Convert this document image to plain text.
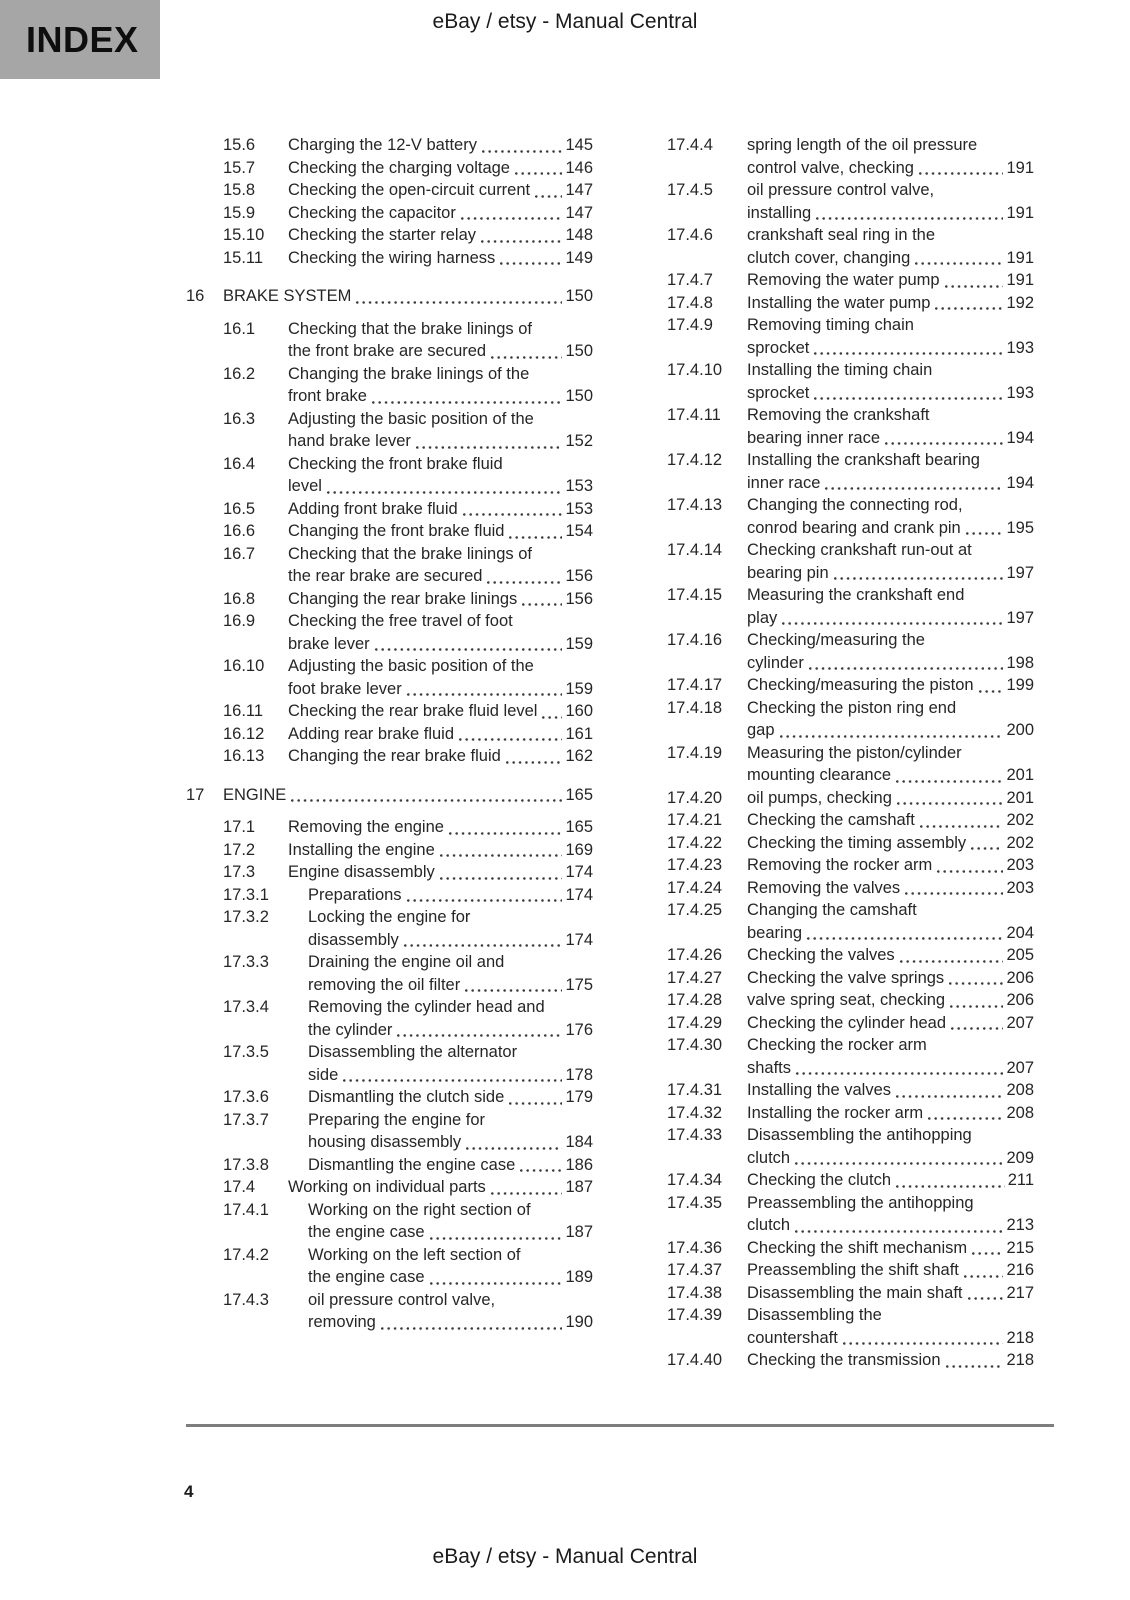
INDEX	eBay / etsy - Manual Central
15.6	Charging the 12-V battery	145
15.7	Checking the charging voltage	146
15.8	Checking the open-circuit current 147
15.9	Checking the capacitor	147
15.10	Checking the starter relay	148
15.11	Checking the wiring harness	149
16	BRAKE SYSTEM	150
16.1	Checking that the brake linings of
the front brake are secured	150
16.2	Changing the brake linings of the
front brake	150
16.3	Adjusting the basic position of the
hand brake lever	152
16.4	Checking the front brake fluid
level	153
16.5	Adding front brake fluid	153
16.6	Changing the front brake fluid	154
16.7	Checking that the brake linings of
the rear brake are secured	156
16.8	Changing the rear brake linings	156
16.9	Checking the free travel of foot
brake lever	159
16.10	Adjusting the basic position of the
foot brake lever	159
16.11	Checking the rear brake fluid level 160
16.12	Adding rear brake fluid	161
16.13	Changing the rear brake fluid	162
17	ENGINE	165
17.1	Removing the engine	165
17.2	Installing the engine	169
17.3	Engine disassembly	174
17.3.1	Preparations	174
17.3.2	Locking the engine for
disassembly	174
17.3.3	Draining the engine oil and
removing the oil filter	175
17.3.4	Removing the cylinder head and
the cylinder	176
17.3.5	Disassembling the alternator
side	178
17.3.6	Dismantling the clutch side	179
17.3.7	Preparing the engine for
housing disassembly	184
17.3.8	Dismantling the engine case	186
17.4	Working on individual parts	187
17.4.1	Working on the right section of
the engine case	187
17.4.2	Working on the left section of
the engine case	189
17.4.3	oil pressure control valve,
removing	190
17.4.4	spring length of the oil pressure
control valve, checking	191
17.4.5	oil pressure control valve,
installing	191
17.4.6	crankshaft seal ring in the
clutch cover, changing	191
17.4.7	Removing the water pump	191
17.4.8	Installing the water pump	192
17.4.9	Removing timing chain
sprocket	193
17.4.10	Installing the timing chain
sprocket	193
17.4.11	Removing the crankshaft
bearing inner race	194
17.4.12	Installing the crankshaft bearing
inner race	194
17.4.13	Changing the connecting rod,
conrod bearing and crank pin	195
17.4.14	Checking crankshaft run-out at
bearing pin	197
17.4.15	Measuring the crankshaft end
play	197
17.4.16	Checking/measuring the
cylinder	198
17.4.17	Checking/measuring the piston 199
17.4.18	Checking the piston ring end
gap	200
17.4.19	Measuring the piston/cylinder
mounting clearance	201
17.4.20	oil pumps, checking	201
17.4.21	Checking the camshaft	202
17.4.22	Checking the timing assembly 202
17.4.23	Removing the rocker arm	203
17.4.24	Removing the valves	203
17.4.25	Changing the camshaft
bearing	204
17.4.26	Checking the valves	205
17.4.27	Checking the valve springs	206
17.4.28	valve spring seat, checking	206
17.4.29	Checking the cylinder head	207
17.4.30	Checking the rocker arm
shafts	207
17.4.31	Installing the valves	208
17.4.32	Installing the rocker arm	208
17.4.33	Disassembling the antihopping
clutch	209
17.4.34	Checking the clutch	211
17.4.35	Preassembling the antihopping
clutch	213
17.4.36	Checking the shift mechanism 215
17.4.37	Preassembling the shift shaft	216
17.4.38	Disassembling the main shaft	217
17.4.39	Disassembling the
countershaft	218
17.4.40	Checking the transmission	218
4
eBay / etsy - Manual Central
